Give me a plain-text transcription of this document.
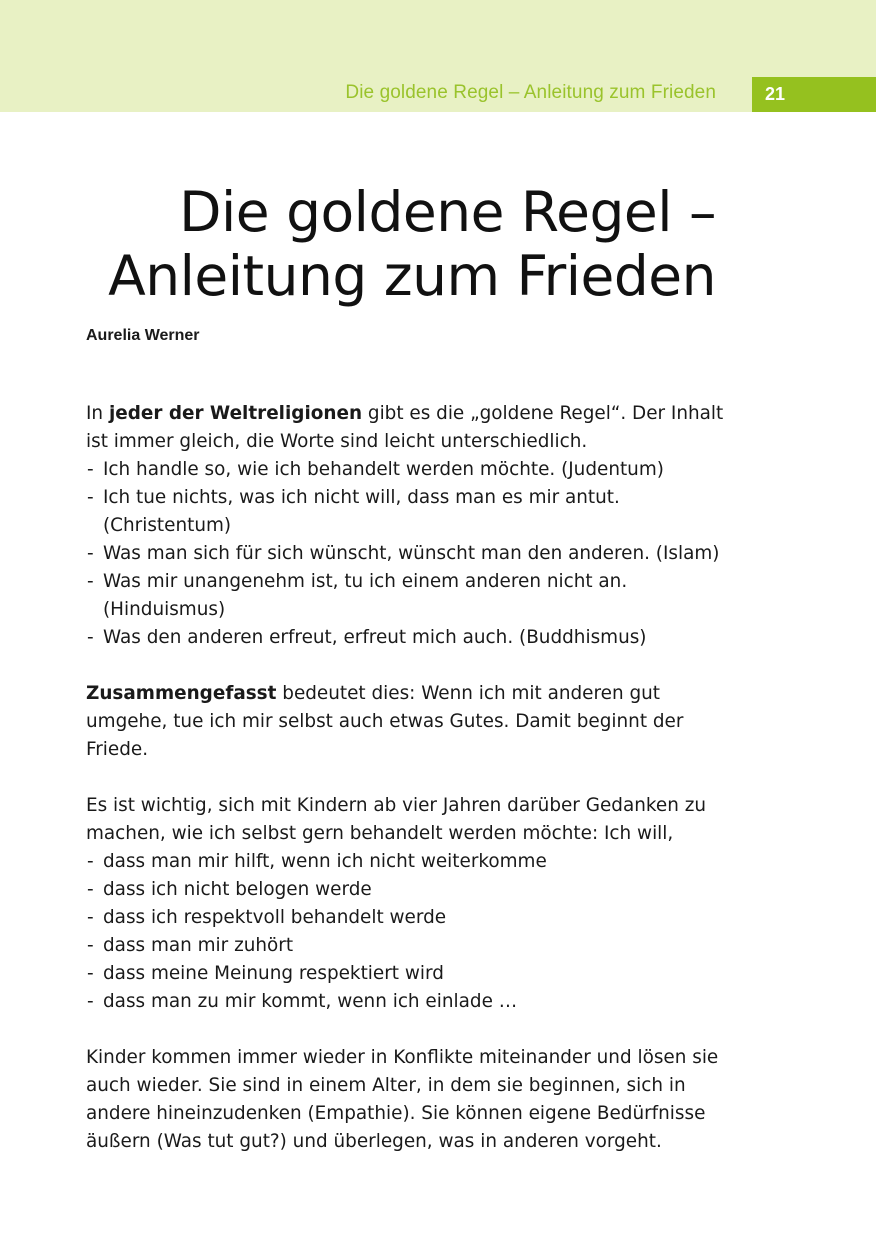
Die goldene Regel – Anleitung zum Frieden	21
Die goldene Regel –
Anleitung zum Frieden
Aurelia Werner

In jeder der Weltreligionen gibt es die „goldene Regel“. Der Inhalt ist immer gleich, die Worte sind leicht unterschiedlich.

- Ich handle so, wie ich behandelt werden möchte. (Judentum)
- Ich tue nichts, was ich nicht will, dass man es mir antut. (Christentum)
- Was man sich für sich wünscht, wünscht man den anderen. (Islam)
- Was mir unangenehm ist, tu ich einem anderen nicht an. (Hinduismus)
- Was den anderen erfreut, erfreut mich auch. (Buddhismus)

Zusammengefasst bedeutet dies: Wenn ich mit anderen gut umgehe, tue ich mir selbst auch etwas Gutes. Damit beginnt der Friede.

Es ist wichtig, sich mit Kindern ab vier Jahren darüber Gedanken zu machen, wie ich selbst gern behandelt werden möchte: Ich will,

- dass man mir hilft, wenn ich nicht weiterkomme
- dass ich nicht belogen werde
- dass ich respektvoll behandelt werde
- dass man mir zuhört
- dass meine Meinung respektiert wird
- dass man zu mir kommt, wenn ich einlade …

Kinder kommen immer wieder in Konflikte miteinander und lösen sie auch wieder. Sie sind in einem Alter, in dem sie beginnen, sich in andere hineinzudenken (Empathie). Sie können eigene Bedürfnisse äußern (Was tut gut?) und überlegen, was in anderen vorgeht.
